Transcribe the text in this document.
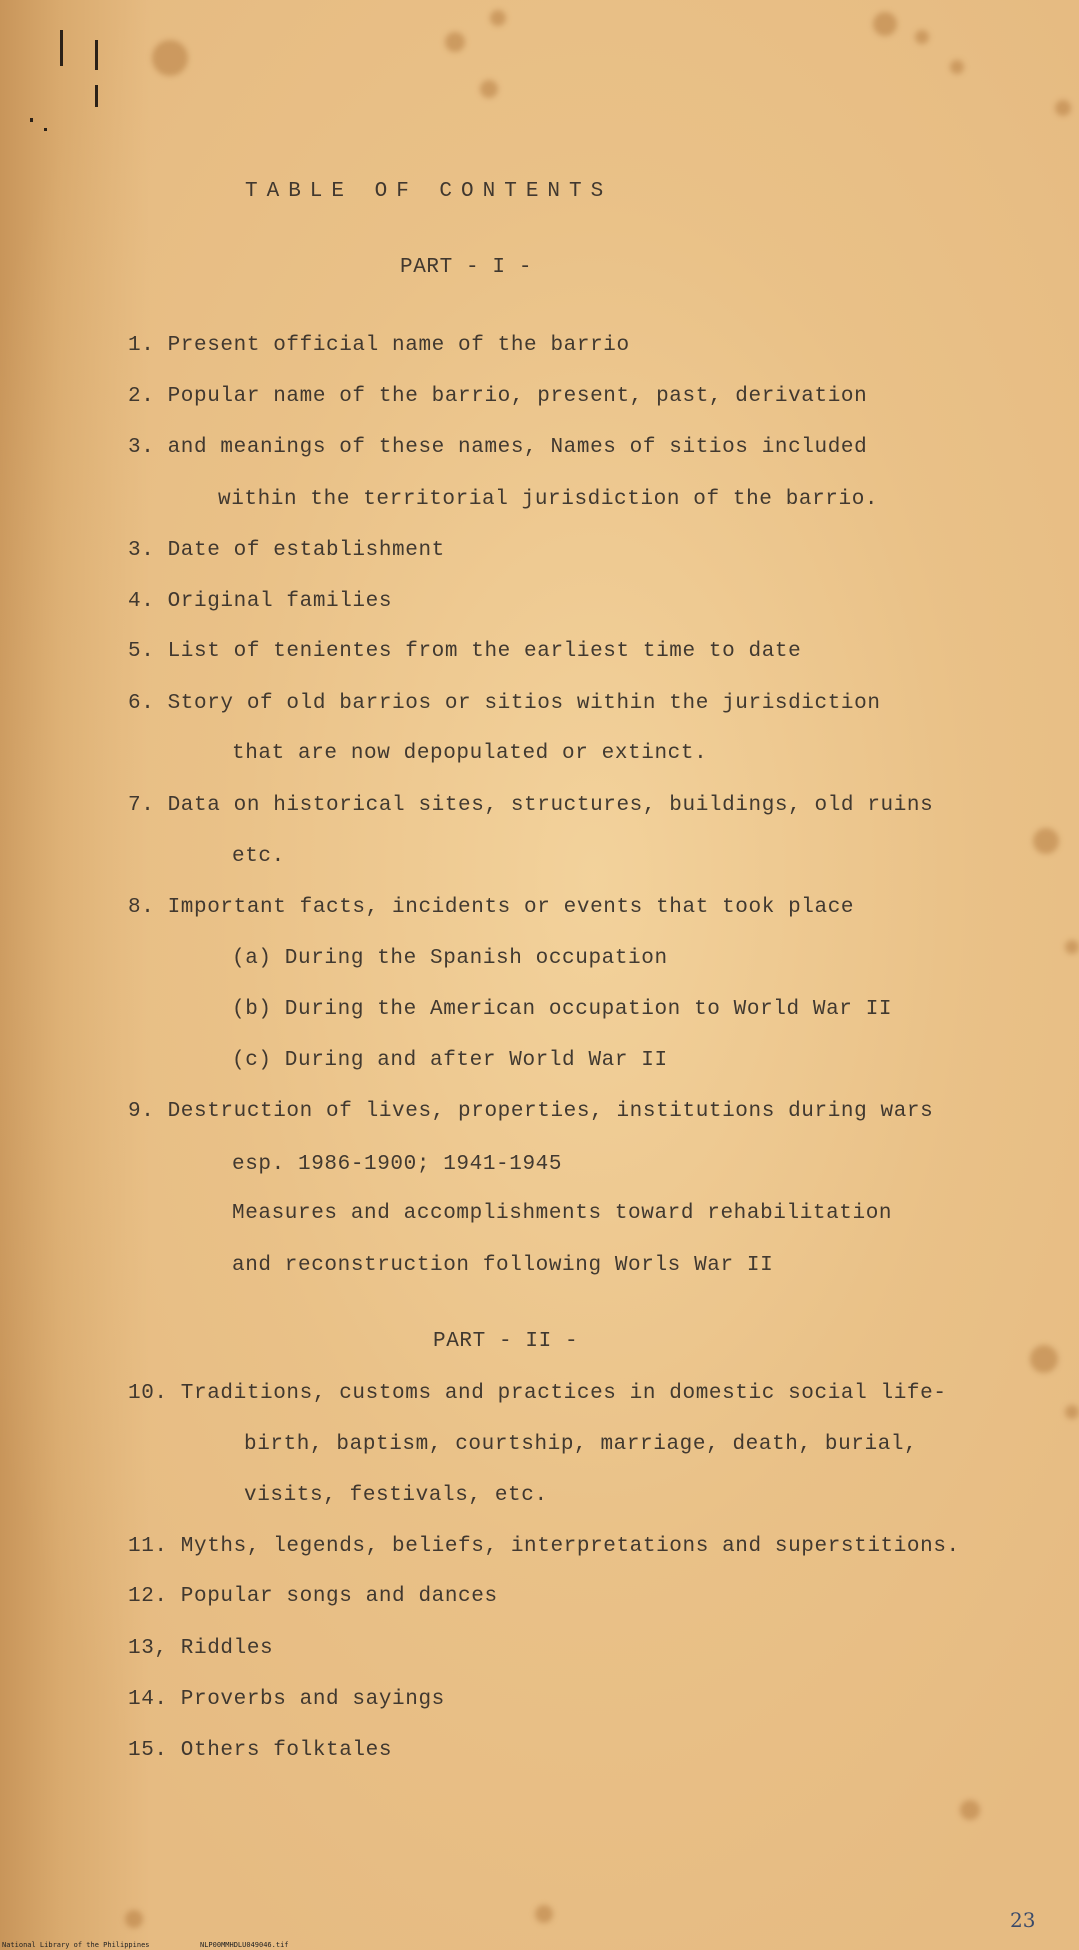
TABLE OF CONTENTS
PART - I -
1. Present official name of the barrio
2. Popular name of the barrio, present, past, derivation
3. and meanings of these names, Names of sitios included
within the territorial jurisdiction of the barrio.
3. Date of establishment
4. Original families
5. List of tenientes from the earliest time to date
6. Story of old barrios or sitios within the jurisdiction
that are now depopulated or extinct.
7. Data on historical sites, structures, buildings, old ruins
etc.
8. Important facts, incidents or events that took place
(a) During the Spanish occupation
(b) During the American occupation to World War II
(c) During and after World War II
9. Destruction of lives, properties, institutions during wars
esp. 1986-1900; 1941-1945
Measures and accomplishments toward rehabilitation
and reconstruction following Worls War II
PART - II -
10. Traditions, customs and practices in domestic social life-
birth, baptism, courtship, marriage, death, burial,
visits, festivals, etc.
11. Myths, legends, beliefs, interpretations and superstitions.
12. Popular songs and dances
13, Riddles
14. Proverbs and sayings
15. Others folktales
National Library of the Philippines	NLP00MMHDLU049046.tif
23
